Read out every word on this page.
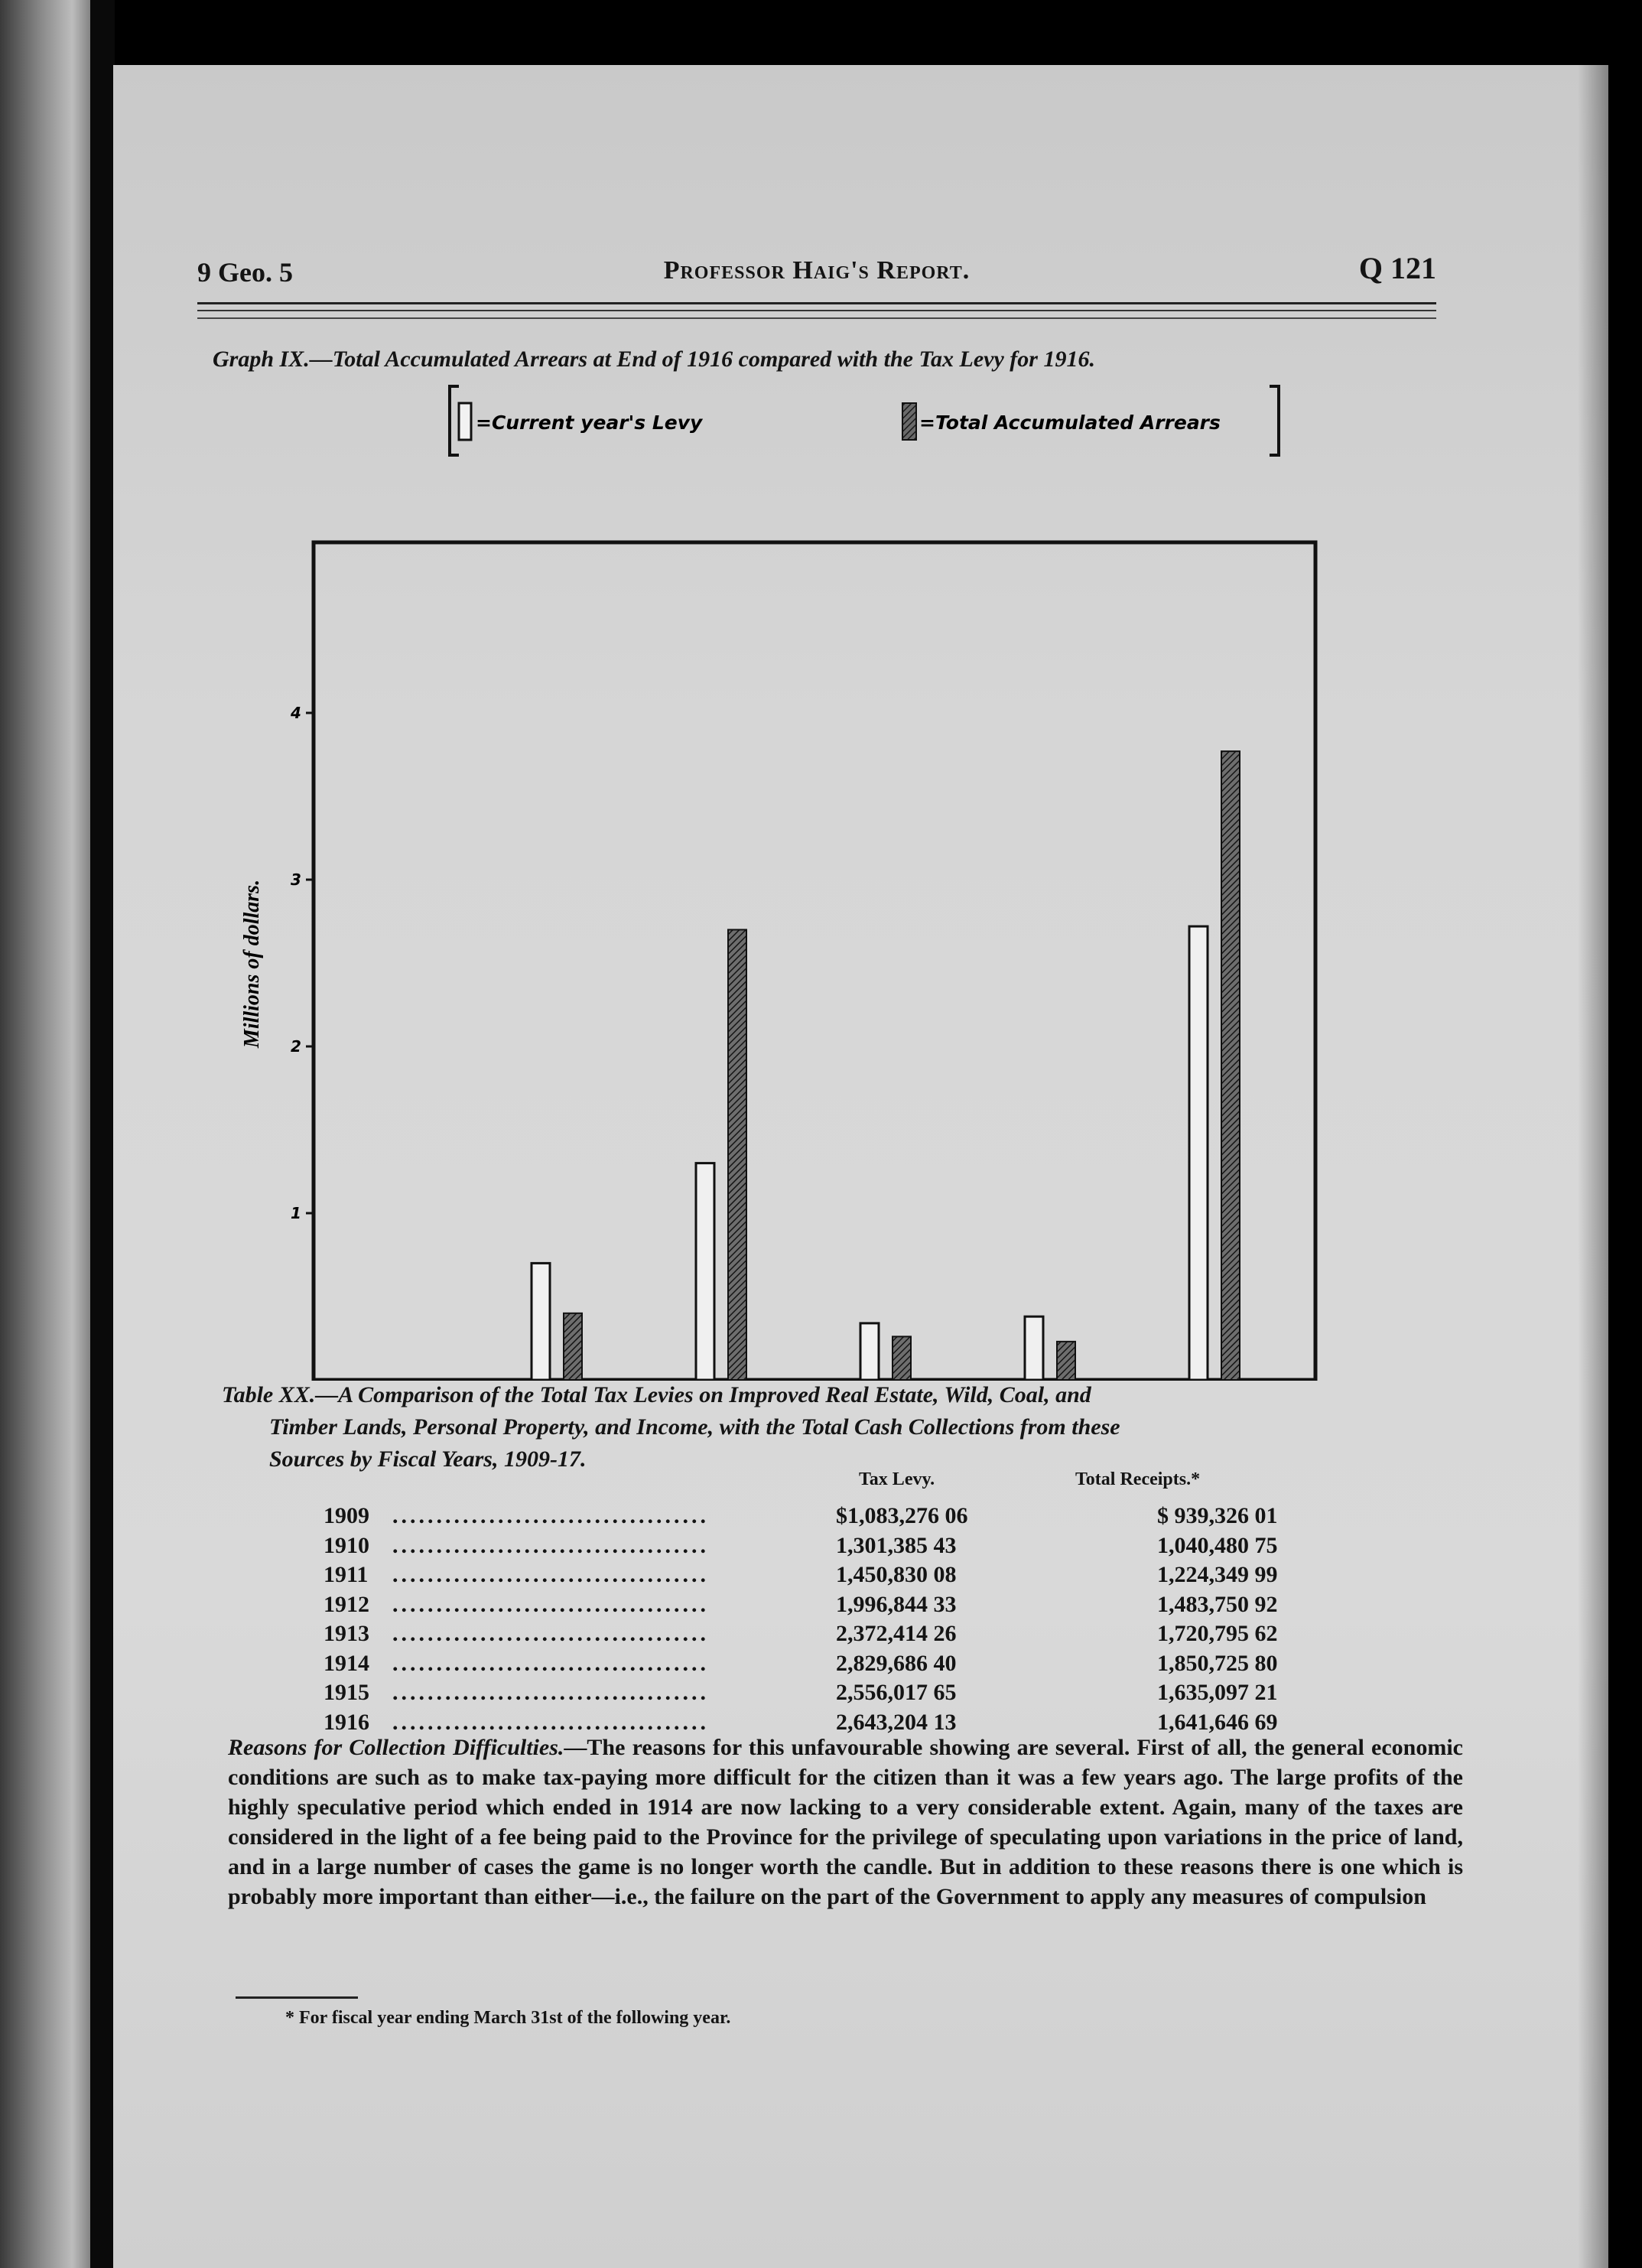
9 Geo. 5	Professor Haig's Report.	Q 121
Graph IX.—Total Accumulated Arrears at End of 1916 compared with the Tax Levy for 1916.
=Current year's Levy	=Total Accumulated Arrears
Millions of dollars.
1
2
3
4
Table XX.—A Comparison of the Total Tax Levies on Improved Real Estate, Wild, Coal, and
Timber Lands, Personal Property, and Income, with the Total Cash Collections from these
Sources by Fiscal Years, 1909-17.
Tax Levy.	Total Receipts.*
1909 ....................................	$1,083,276 06	$ 939,326 01
1910 ....................................	1,301,385 43	1,040,480 75
1911 ....................................	1,450,830 08	1,224,349 99
1912 ....................................	1,996,844 33	1,483,750 92
1913 ....................................	2,372,414 26	1,720,795 62
1914 ....................................	2,829,686 40	1,850,725 80
1915 ....................................	2,556,017 65	1,635,097 21
1916 ....................................	2,643,204 13	1,641,646 69
Reasons for Collection Difficulties.—The reasons for this unfavourable showing are several. First of all, the general economic conditions are such as to make tax-paying more difficult for the citizen than it was a few years ago. The large profits of the highly speculative period which ended in 1914 are now lacking to a very considerable extent. Again, many of the taxes are considered in the light of a fee being paid to the Province for the privilege of speculating upon variations in the price of land, and in a large number of cases the game is no longer worth the candle. But in addition to these reasons there is one which is probably more important than either—i.e., the failure on the part of the Government to apply any measures of compulsion
* For fiscal year ending March 31st of the following year.
